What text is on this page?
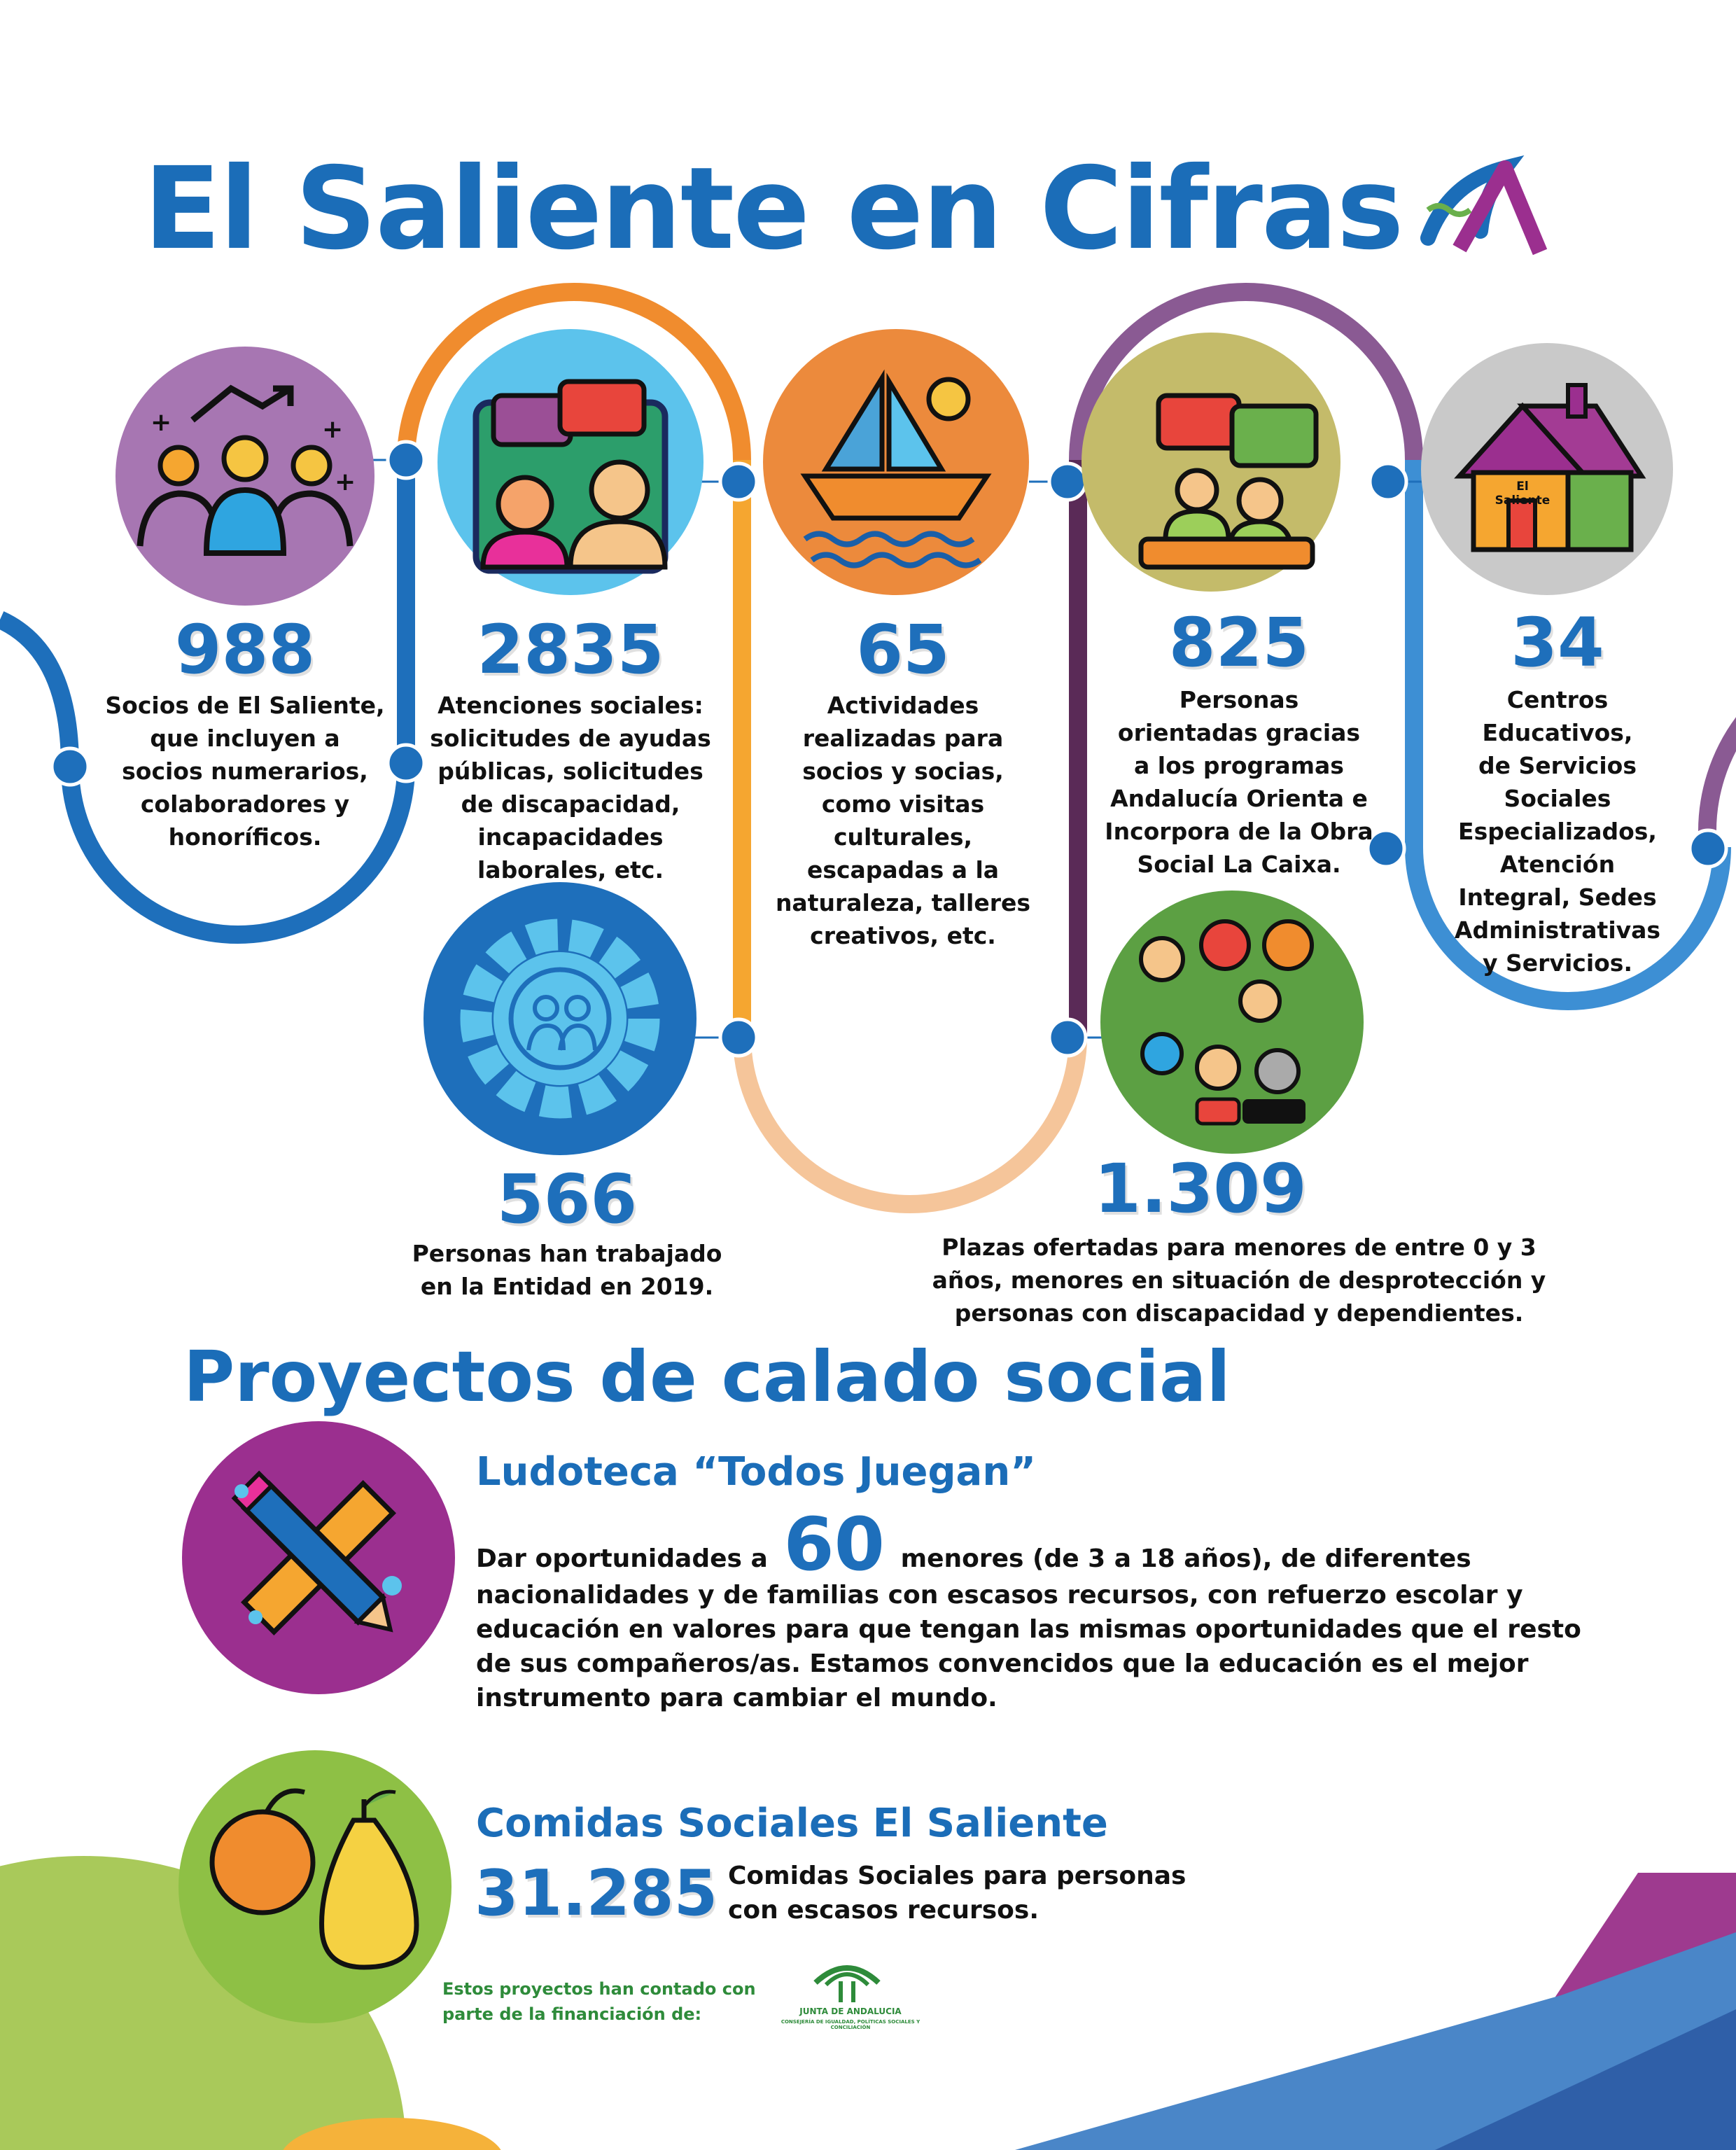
+	+
+
El Saliente en Cifras
988
Socios de El Saliente,
que incluyen a
socios numerarios,
colaboradores y
honoríficos.
2835
Atenciones sociales:
solicitudes de ayudas
públicas, solicitudes
de discapacidad,
incapacidades
laborales, etc.
65
Actividades
realizadas para
socios y socias,
como visitas
culturales,
escapadas a la
naturaleza, talleres
creativos, etc.
825
Personas
orientadas gracias
a los programas
Andalucía Orienta e
Incorpora de la Obra
Social La Caixa.
34
Centros
Educativos,
de Servicios
Sociales
Especializados,
Atención
Integral, Sedes
Administrativas
y Servicios.
El Saliente
566
Personas han trabajado
en la Entidad en 2019.
1.309
Plazas ofertadas para menores de entre 0 y 3
años, menores en situación de desprotección y
personas con discapacidad y dependientes.
Proyectos de calado social
Ludoteca “Todos Juegan”
Dar oportunidades a 60 menores (de 3 a 18 años), de diferentes nacionalidades y de familias con escasos recursos, con refuerzo escolar y educación en valores para que tengan las mismas oportunidades que el resto de sus compañeros/as. Estamos convencidos que la educación es el mejor instrumento para cambiar el mundo.
Comidas Sociales El Saliente
31.285 Comidas Sociales para personas
con escasos recursos.
Estos proyectos han contado con
parte de la financiación de:	JUNTA DE ANDALUCIA
CONSEJERÍA DE IGUALDAD, POLÍTICAS SOCIALES Y CONCILIACIÓN
